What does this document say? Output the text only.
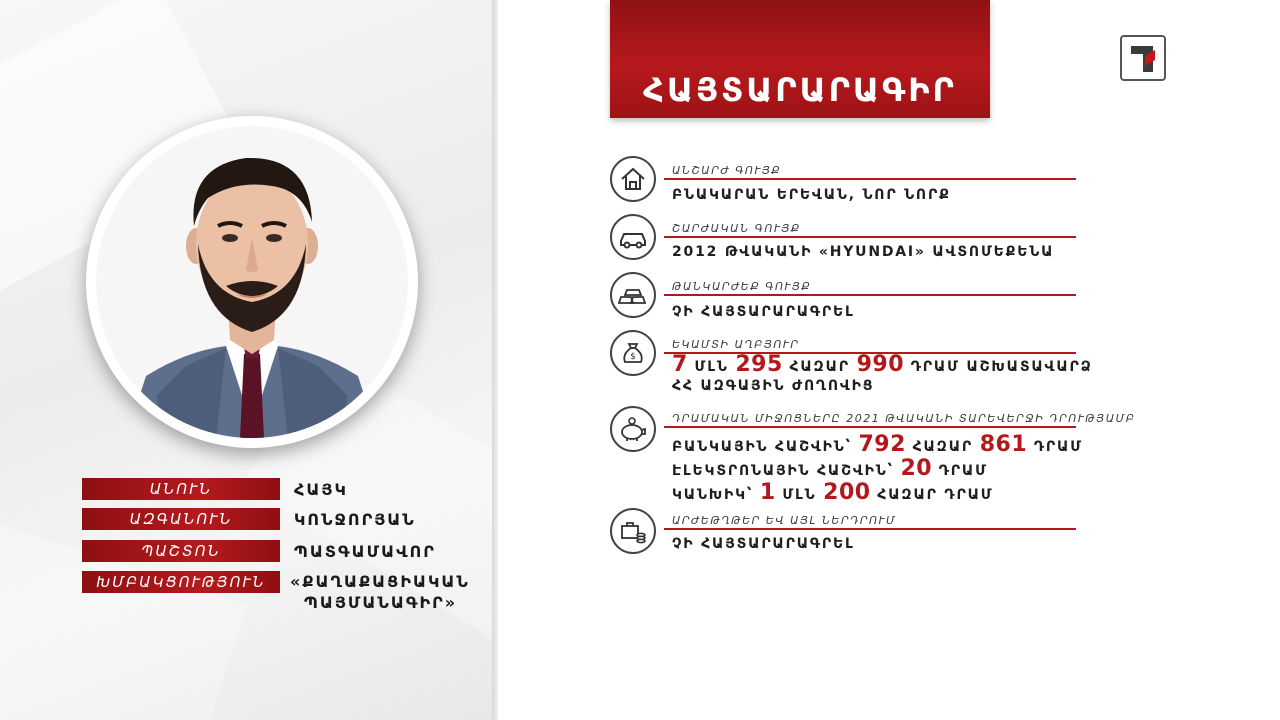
ԱՆՈՒՆ	ՀԱՅԿ
ԱԶԳԱՆՈՒՆ	ԿՈՆՋՈՐՅԱՆ
ՊԱՇՏՈՆ	ՊԱՏԳԱՄԱՎՈՐ
ԽՄԲԱԿՑՈՒԹՅՈՒՆ	«ՔԱՂԱՔԱՑԻԱԿԱՆ
ՊԱՅՄԱՆԱԳԻՐ»
ՀԱՅՏԱՐԱՐԱԳԻՐ
ԱՆՇԱՐԺ ԳՈՒՅՔ
ԲՆԱԿԱՐԱՆ ԵՐԵՎԱՆ, ՆՈՐ ՆՈՐՔ
ՇԱՐԺԱԿԱՆ ԳՈՒՅՔ
2012 ԹՎԱԿԱՆԻ «HYUNDAI» ԱՎՏՈՄԵՔԵՆԱ
ԹԱՆԿԱՐԺԵՔ ԳՈՒՅՔ
ՉԻ ՀԱՅՏԱՐԱՐԱԳՐԵԼ
$
ԵԿԱՄՏԻ ԱՂԲՅՈՒՐ
7 ՄԼՆ 295 ՀԱԶԱՐ 990 ԴՐԱՄ ԱՇԽԱՏԱՎԱՐՁ
ՀՀ ԱԶԳԱՅԻՆ ԺՈՂՈՎԻՑ
ԴՐԱՄԱԿԱՆ ՄԻՋՈՑՆԵՐԸ 2021 ԹՎԱԿԱՆԻ ՏԱՐԵՎԵՐՋԻ ԴՐՈՒԹՅԱՄԲ
ԲԱՆԿԱՅԻՆ ՀԱՇՎԻՆ՝ 792 ՀԱԶԱՐ 861 ԴՐԱՄ
ԷԼԵԿՏՐՈՆԱՅԻՆ ՀԱՇՎԻՆ՝ 20 ԴՐԱՄ
ԿԱՆԽԻԿ՝ 1 ՄԼՆ 200 ՀԱԶԱՐ ԴՐԱՄ
ԱՐԺԵԹՂԹԵՐ ԵՎ ԱՅԼ ՆԵՐԴՐՈՒՄ
ՉԻ ՀԱՅՏԱՐԱՐԱԳՐԵԼ
